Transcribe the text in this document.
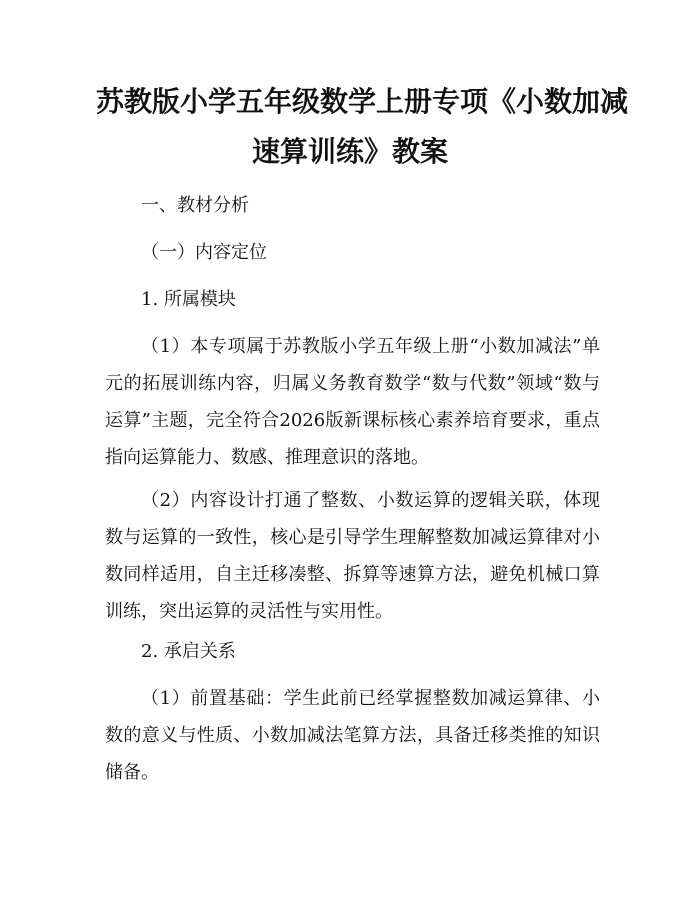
苏教版小学五年级数学上册专项《小数加减
速算训练》教案
一、教材分析
（一）内容定位
1. 所属模块
（1）本专项属于苏教版小学五年级上册“小数加减法”单元的拓展训练内容，归属义务教育数学“数与代数”领域“数与运算”主题，完全符合2026版新课标核心素养培育要求，重点指向运算能力、数感、推理意识的落地。
（2）内容设计打通了整数、小数运算的逻辑关联，体现数与运算的一致性，核心是引导学生理解整数加减运算律对小数同样适用，自主迁移凑整、拆算等速算方法，避免机械口算训练，突出运算的灵活性与实用性。
2. 承启关系
（1）前置基础：学生此前已经掌握整数加减运算律、小数的意义与性质、小数加减法笔算方法，具备迁移类推的知识储备。
